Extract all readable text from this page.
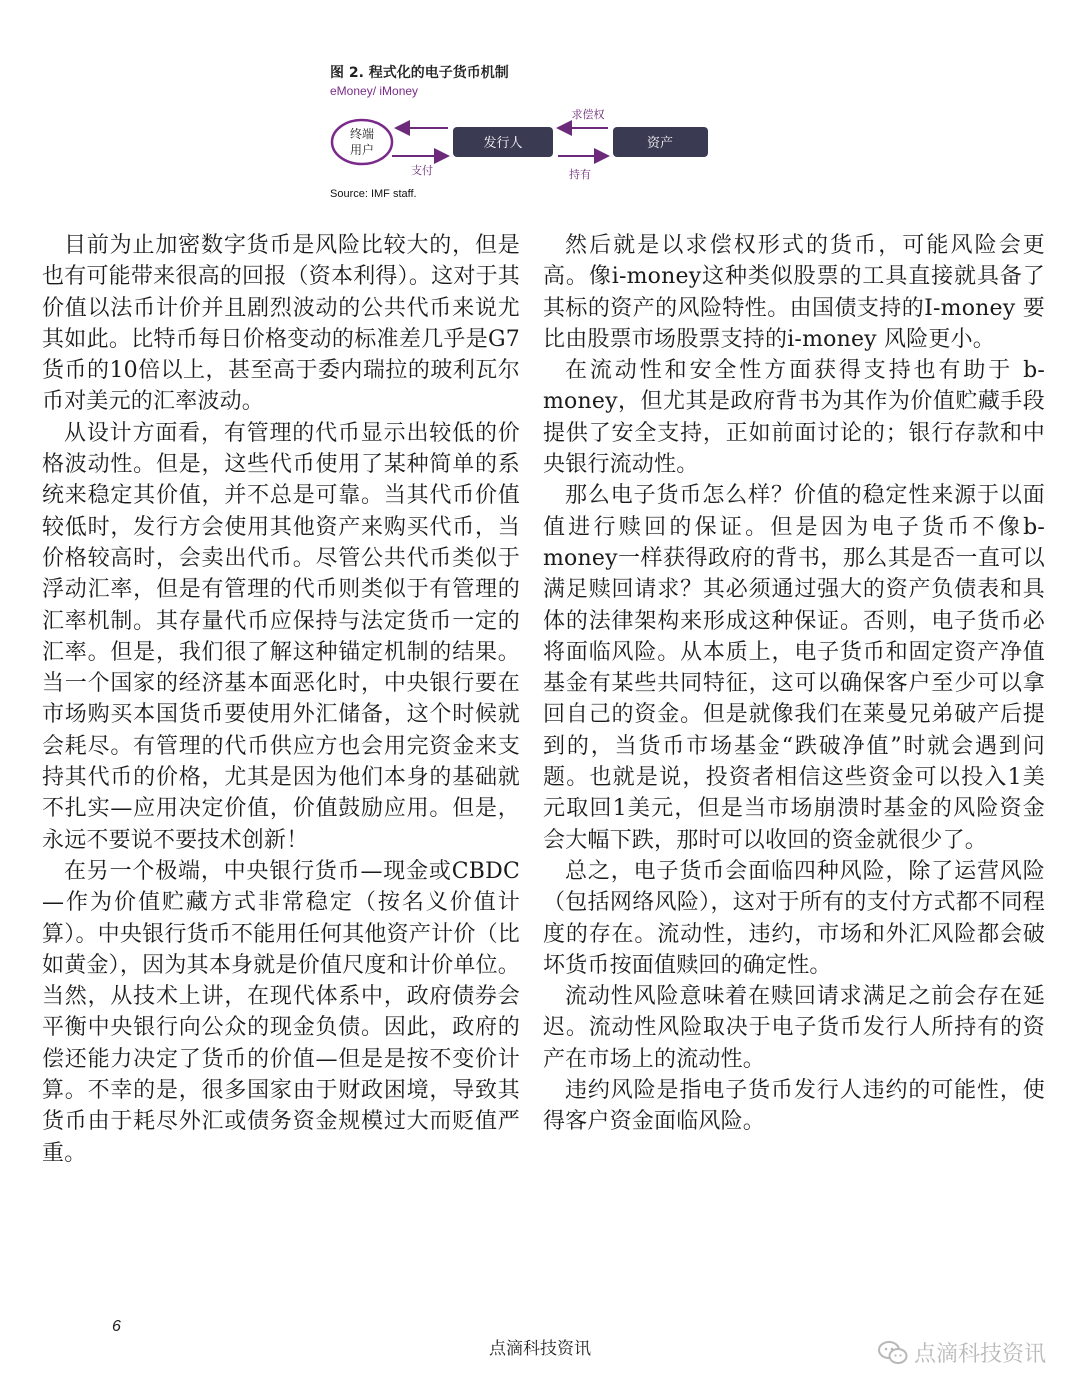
图 2. 程式化的电子货币机制
eMoney/ iMoney
终端
用户	发行人	资产
支付
求偿权
持有
Source: IMF staff.

目前为止加密数字货币是风险比较大的，但是也有可能带来很高的回报（资本利得）。这对于其价值以法币计价并且剧烈波动的公共代币来说尤其如此。比特币每日价格变动的标准差几乎是G7货币的10倍以上，甚至高于委内瑞拉的玻利瓦尔币对美元的汇率波动。

从设计方面看，有管理的代币显示出较低的价格波动性。但是，这些代币使用了某种简单的系统来稳定其价值，并不总是可靠。当其代币价值较低时，发行方会使用其他资产来购买代币，当价格较高时，会卖出代币。尽管公共代币类似于浮动汇率，但是有管理的代币则类似于有管理的汇率机制。其存量代币应保持与法定货币一定的汇率。但是，我们很了解这种锚定机制的结果。当一个国家的经济基本面恶化时，中央银行要在市场购买本国货币要使用外汇储备，这个时候就会耗尽。有管理的代币供应方也会用完资金来支持其代币的价格，尤其是因为他们本身的基础就不扎实—应用决定价值，价值鼓励应用。但是，永远不要说不要技术创新！

在另一个极端，中央银行货币—现金或CBDC—作为价值贮藏方式非常稳定（按名义价值计算）。中央银行货币不能用任何其他资产计价（比如黄金），因为其本身就是价值尺度和计价单位。当然，从技术上讲，在现代体系中，政府债券会平衡中央银行向公众的现金负债。因此，政府的偿还能力决定了货币的价值—但是是按不变价计算。不幸的是，很多国家由于财政困境，导致其货币由于耗尽外汇或债务资金规模过大而贬值严重。

然后就是以求偿权形式的货币，可能风险会更高。像i-money这种类似股票的工具直接就具备了其标的资产的风险特性。由国债支持的I-money 要比由股票市场股票支持的i-money 风险更小。

在流动性和安全性方面获得支持也有助于 b-money，但尤其是政府背书为其作为价值贮藏手段提供了安全支持，正如前面讨论的；银行存款和中央银行流动性。

那么电子货币怎么样？价值的稳定性来源于以面值进行赎回的保证。但是因为电子货币不像b-money一样获得政府的背书，那么其是否一直可以满足赎回请求？其必须通过强大的资产负债表和具体的法律架构来形成这种保证。否则，电子货币必将面临风险。从本质上，电子货币和固定资产净值基金有某些共同特征，这可以确保客户至少可以拿回自己的资金。但是就像我们在莱曼兄弟破产后提到的，当货币市场基金“跌破净值”时就会遇到问题。也就是说，投资者相信这些资金可以投入1美元取回1美元，但是当市场崩溃时基金的风险资金会大幅下跌，那时可以收回的资金就很少了。

总之，电子货币会面临四种风险，除了运营风险（包括网络风险），这对于所有的支付方式都不同程度的存在。流动性，违约，市场和外汇风险都会破坏货币按面值赎回的确定性。

流动性风险意味着在赎回请求满足之前会存在延迟。流动性风险取决于电子货币发行人所持有的资产在市场上的流动性。

违约风险是指电子货币发行人违约的可能性，使得客户资金面临风险。

6
点滴科技资讯	点滴科技资讯
